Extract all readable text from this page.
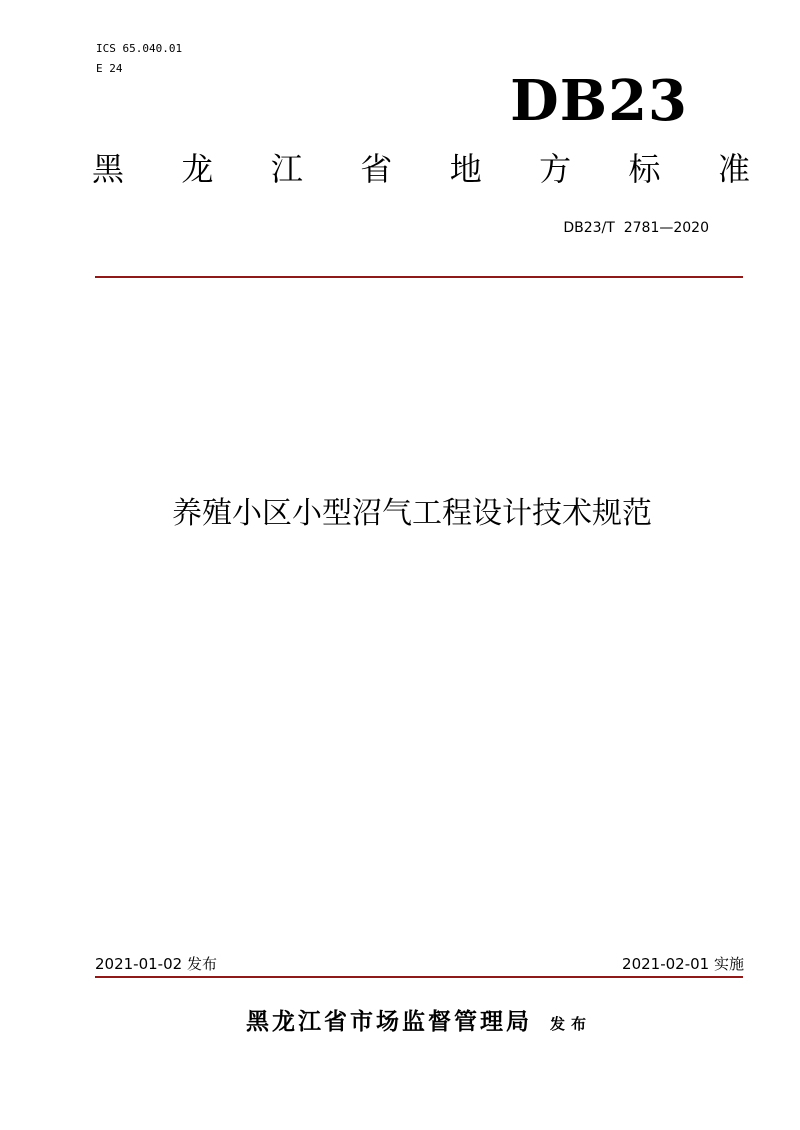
ICS 65.040.01
E 24	DB23
黑 龙 江 省 地 方 标 准
DB23/T  2781—2020
养殖小区小型沼气工程设计技术规范
2021-01-02 发布	2021-02-01 实施
黑龙江省市场监督管理局 发布
